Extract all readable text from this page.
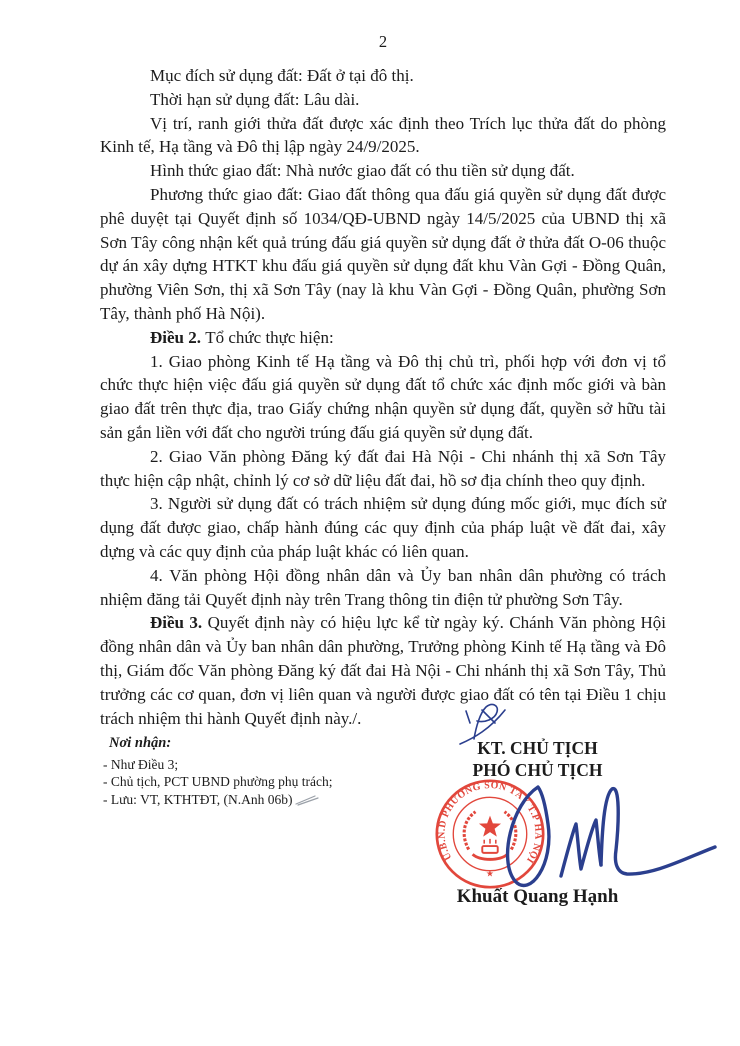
2

Mục đích sử dụng đất: Đất ở tại đô thị.

Thời hạn sử dụng đất: Lâu dài.

Vị trí, ranh giới thửa đất được xác định theo Trích lục thửa đất do phòng Kinh tế, Hạ tầng và Đô thị lập ngày 24/9/2025.

Hình thức giao đất: Nhà nước giao đất có thu tiền sử dụng đất.

Phương thức giao đất: Giao đất thông qua đấu giá quyền sử dụng đất được phê duyệt tại Quyết định số 1034/QĐ-UBND ngày 14/5/2025 của UBND thị xã Sơn Tây công nhận kết quả trúng đấu giá quyền sử dụng đất ở thửa đất O-06 thuộc dự án xây dựng HTKT khu đấu giá quyền sử dụng đất khu Vàn Gợi - Đồng Quân, phường Viên Sơn, thị xã Sơn Tây (nay là khu Vàn Gợi - Đồng Quân, phường Sơn Tây, thành phố Hà Nội).

Điều 2. Tổ chức thực hiện:

1. Giao phòng Kinh tế Hạ tầng và Đô thị chủ trì, phối hợp với đơn vị tổ chức thực hiện việc đấu giá quyền sử dụng đất tổ chức xác định mốc giới và bàn giao đất trên thực địa, trao Giấy chứng nhận quyền sử dụng đất, quyền sở hữu tài sản gắn liền với đất cho người trúng đấu giá quyền sử dụng đất.

2. Giao Văn phòng Đăng ký đất đai Hà Nội - Chi nhánh thị xã Sơn Tây thực hiện cập nhật, chỉnh lý cơ sở dữ liệu đất đai, hồ sơ địa chính theo quy định.

3. Người sử dụng đất có trách nhiệm sử dụng đúng mốc giới, mục đích sử dụng đất được giao, chấp hành đúng các quy định của pháp luật về đất đai, xây dựng và các quy định của pháp luật khác có liên quan.

4. Văn phòng Hội đồng nhân dân và Ủy ban nhân dân phường có trách nhiệm đăng tải Quyết định này trên Trang thông tin điện tử phường Sơn Tây.

Điều 3. Quyết định này có hiệu lực kể từ ngày ký. Chánh Văn phòng Hội đồng nhân dân và Ủy ban nhân dân phường, Trưởng phòng Kinh tế Hạ tầng và Đô thị, Giám đốc Văn phòng Đăng ký đất đai Hà Nội - Chi nhánh thị xã Sơn Tây, Thủ trưởng các cơ quan, đơn vị liên quan và người được giao đất có tên tại Điều 1 chịu trách nhiệm thi hành Quyết định này./.

Nơi nhận:
- Như Điều 3;
- Chủ tịch, PCT UBND phường phụ trách;
- Lưu: VT, KTHTĐT, (N.Anh 06b)
KT. CHỦ TỊCH
PHÓ CHỦ TỊCH
U.B.N.D PHƯỜNG SƠN TÂY T.P HÀ NỘI
★
Khuất Quang Hạnh
